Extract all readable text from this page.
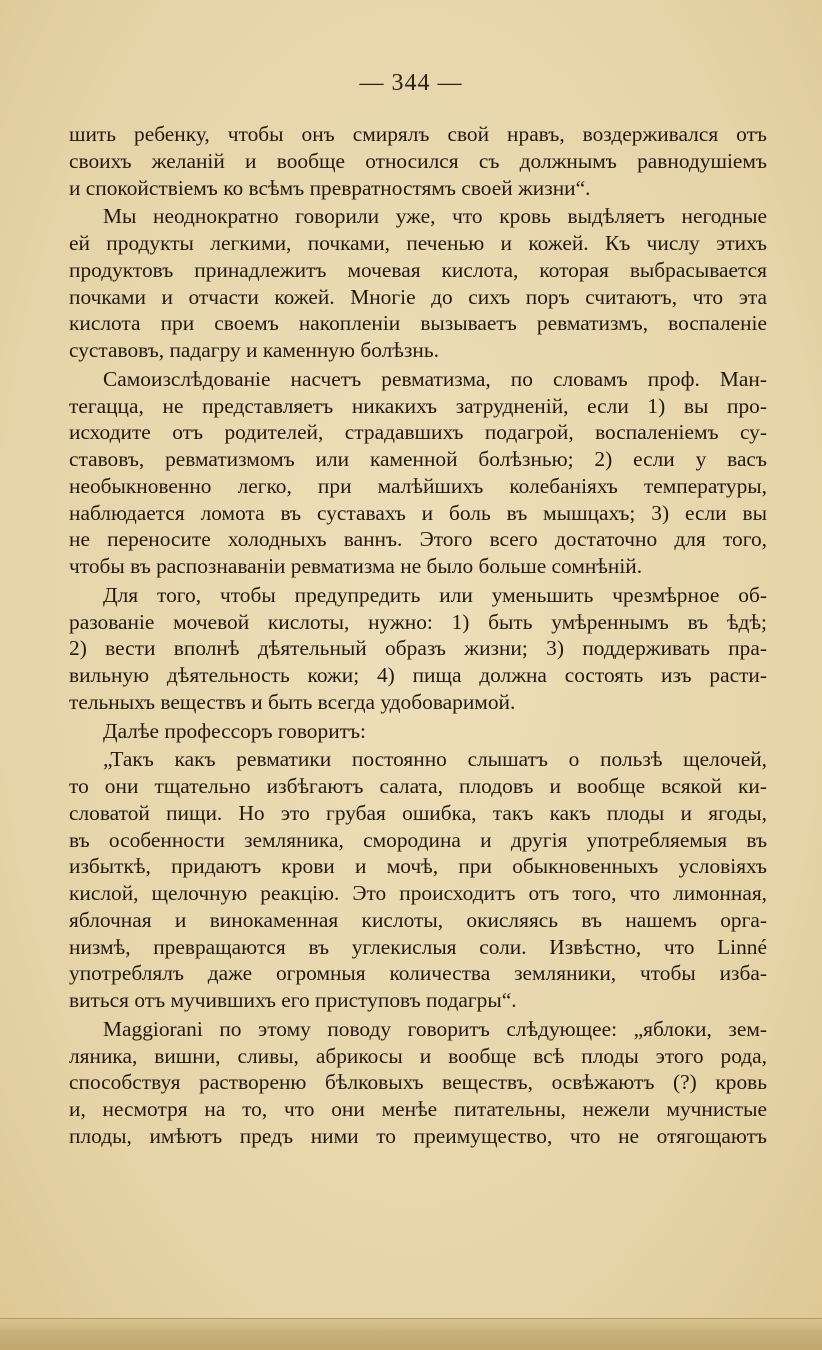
— 344 —
шить ребенку, чтобы онъ смирялъ свой нравъ, воздерживался отъ
своихъ желаній и вообще относился съ должнымъ равнодушіемъ
и спокойствіемъ ко всѣмъ превратностямъ своей жизни“.
Мы неоднократно говорили уже, что кровь выдѣляетъ негодные
ей продукты легкими, почками, печенью и кожей. Къ числу этихъ
продуктовъ принадлежитъ мочевая кислота, которая выбрасывается
почками и отчасти кожей. Многіе до сихъ поръ считаютъ, что эта
кислота при своемъ накопленіи вызываетъ ревматизмъ, воспаленіе
суставовъ, падагру и каменную болѣзнь.
Самоизслѣдованіе насчетъ ревматизма, по словамъ проф. Ман-
тегацца, не представляетъ никакихъ затрудненій, если 1) вы про-
исходите отъ родителей, страдавшихъ подагрой, воспаленіемъ су-
ставовъ, ревматизмомъ или каменной болѣзнью; 2) если у васъ
необыкновенно легко, при малѣйшихъ колебаніяхъ температуры,
наблюдается ломота въ суставахъ и боль въ мышцахъ; 3) если вы
не переносите холодныхъ ваннъ. Этого всего достаточно для того,
чтобы въ распознаваніи ревматизма не было больше сомнѣній.
Для того, чтобы предупредить или уменьшить чрезмѣрное об-
разованіе мочевой кислоты, нужно: 1) быть умѣреннымъ въ ѣдѣ;
2) вести вполнѣ дѣятельный образъ жизни; 3) поддерживать пра-
вильную дѣятельность кожи; 4) пища должна состоять изъ расти-
тельныхъ веществъ и быть всегда удобоваримой.
Далѣе профессоръ говоритъ:
„Такъ какъ ревматики постоянно слышатъ о пользѣ щелочей,
то они тщательно избѣгаютъ салата, плодовъ и вообще всякой ки-
словатой пищи. Но это грубая ошибка, такъ какъ плоды и ягоды,
въ особенности земляника, смородина и другія употребляемыя въ
избыткѣ, придаютъ крови и мочѣ, при обыкновенныхъ условіяхъ
кислой, щелочную реакцію. Это происходитъ отъ того, что лимонная,
яблочная и винокаменная кислоты, окисляясь въ нашемъ орга-
низмѣ, превращаются въ углекислыя соли. Извѣстно, что Linné
употреблялъ даже огромныя количества земляники, чтобы изба-
виться отъ мучившихъ его приступовъ подагры“.
Maggiorani по этому поводу говоритъ слѣдующее: „яблоки, зем-
ляника, вишни, сливы, абрикосы и вообще всѣ плоды этого рода,
способствуя раствореню бѣлковыхъ веществъ, освѣжаютъ (?) кровь
и, несмотря на то, что они менѣе питательны, нежели мучнистые
плоды, имѣютъ предъ ними то преимущество, что не отягощаютъ
